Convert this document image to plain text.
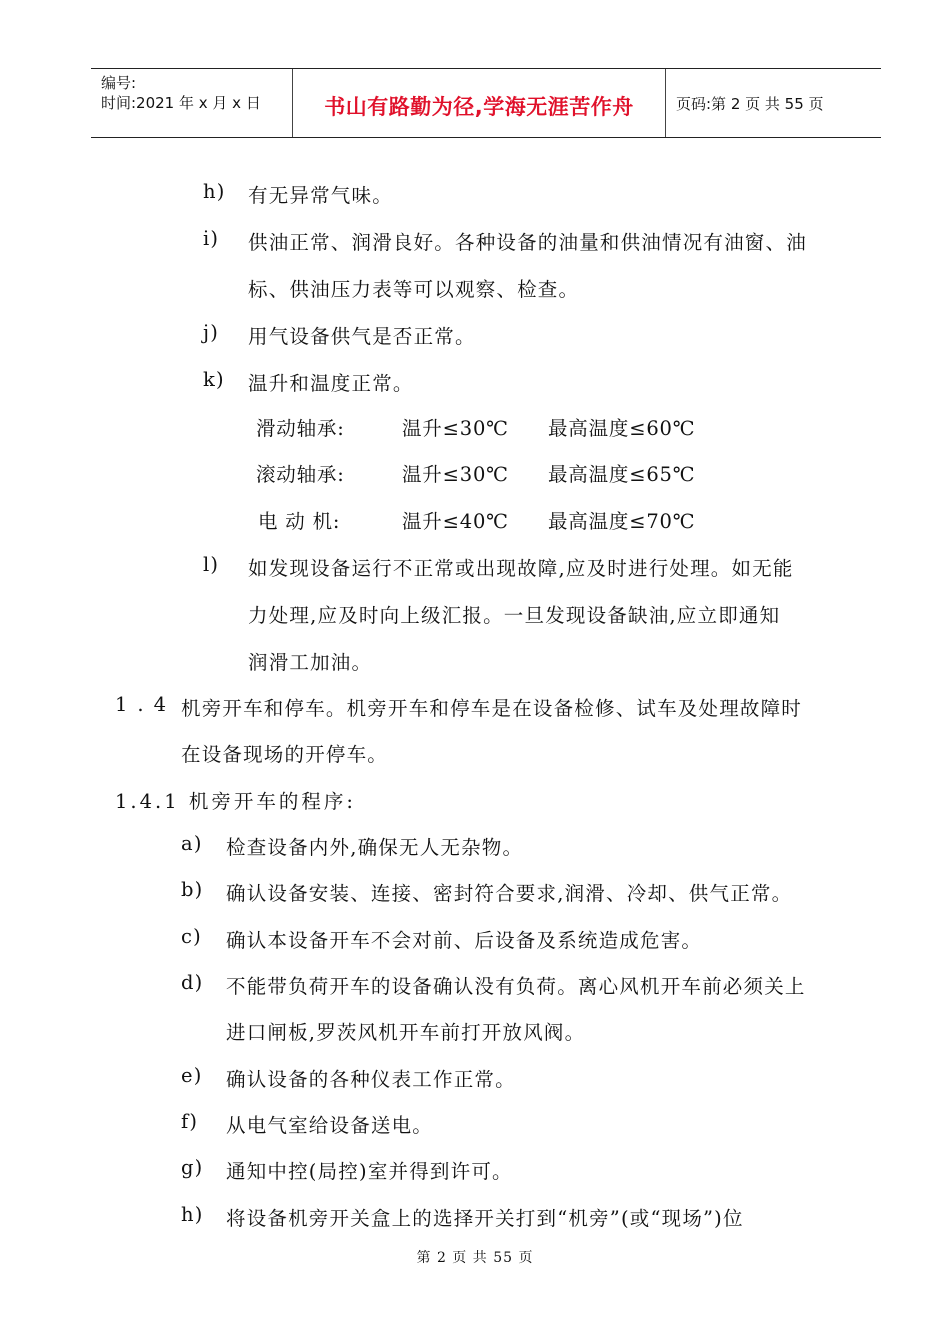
编号:
时间:2021 年 x 月 x 日	书山有路勤为径,学海无涯苦作舟	页码:第 2 页 共 55 页
h) 有无异常气味。
i) 供油正常、润滑良好。各种设备的油量和供油情况有油窗、油
标、供油压力表等可以观察、检查。
j) 用气设备供气是否正常。
k) 温升和温度正常。
滑动轴承:	温升≤30℃ 最高温度≤60℃
滚动轴承:	温升≤30℃ 最高温度≤65℃
电 动 机:	温升≤40℃ 最高温度≤70℃
l) 如发现设备运行不正常或出现故障,应及时进行处理。如无能
力处理,应及时向上级汇报。一旦发现设备缺油,应立即通知
润滑工加油。
1.4 机旁开车和停车。机旁开车和停车是在设备检修、试车及处理故障时
在设备现场的开停车。
1.4.1 机旁开车的程序:
a) 检查设备内外,确保无人无杂物。
b) 确认设备安装、连接、密封符合要求,润滑、冷却、供气正常。
c) 确认本设备开车不会对前、后设备及系统造成危害。
d) 不能带负荷开车的设备确认没有负荷。离心风机开车前必须关上
进口闸板,罗茨风机开车前打开放风阀。
e) 确认设备的各种仪表工作正常。
f) 从电气室给设备送电。
g) 通知中控(局控)室并得到许可。
h) 将设备机旁开关盒上的选择开关打到“机旁”(或“现场”)位
第 2 页 共 55 页
